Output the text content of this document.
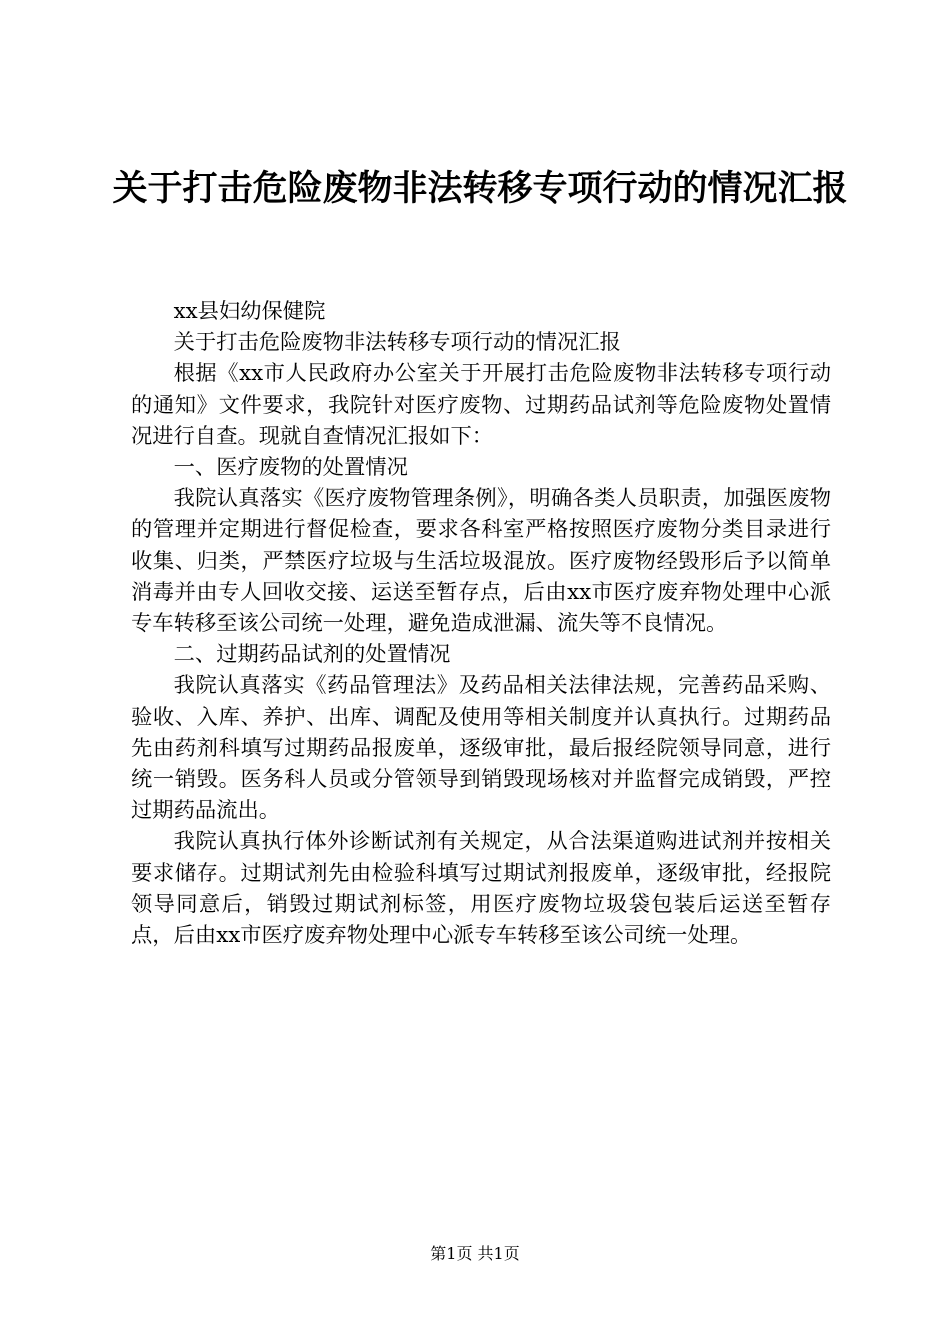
关于打击危险废物非法转移专项行动的情况汇报

xx县妇幼保健院

关于打击危险废物非法转移专项行动的情况汇报

根据《xx市人民政府办公室关于开展打击危险废物非法转移专项行动的通知》文件要求，我院针对医疗废物、过期药品试剂等危险废物处置情况进行自查。现就自查情况汇报如下：

一、医疗废物的处置情况

我院认真落实《医疗废物管理条例》，明确各类人员职责，加强医废物的管理并定期进行督促检查，要求各科室严格按照医疗废物分类目录进行收集、归类，严禁医疗垃圾与生活垃圾混放。医疗废物经毁形后予以简单消毒并由专人回收交接、运送至暂存点，后由xx市医疗废弃物处理中心派专车转移至该公司统一处理，避免造成泄漏、流失等不良情况。

二、过期药品试剂的处置情况

我院认真落实《药品管理法》及药品相关法律法规，完善药品采购、验收、入库、养护、出库、调配及使用等相关制度并认真执行。过期药品先由药剂科填写过期药品报废单，逐级审批，最后报经院领导同意，进行统一销毁。医务科人员或分管领导到销毁现场核对并监督完成销毁，严控过期药品流出。

我院认真执行体外诊断试剂有关规定，从合法渠道购进试剂并按相关要求储存。过期试剂先由检验科填写过期试剂报废单，逐级审批，经报院领导同意后，销毁过期试剂标签，用医疗废物垃圾袋包装后运送至暂存点，后由xx市医疗废弃物处理中心派专车转移至该公司统一处理。

第1页 共1页
